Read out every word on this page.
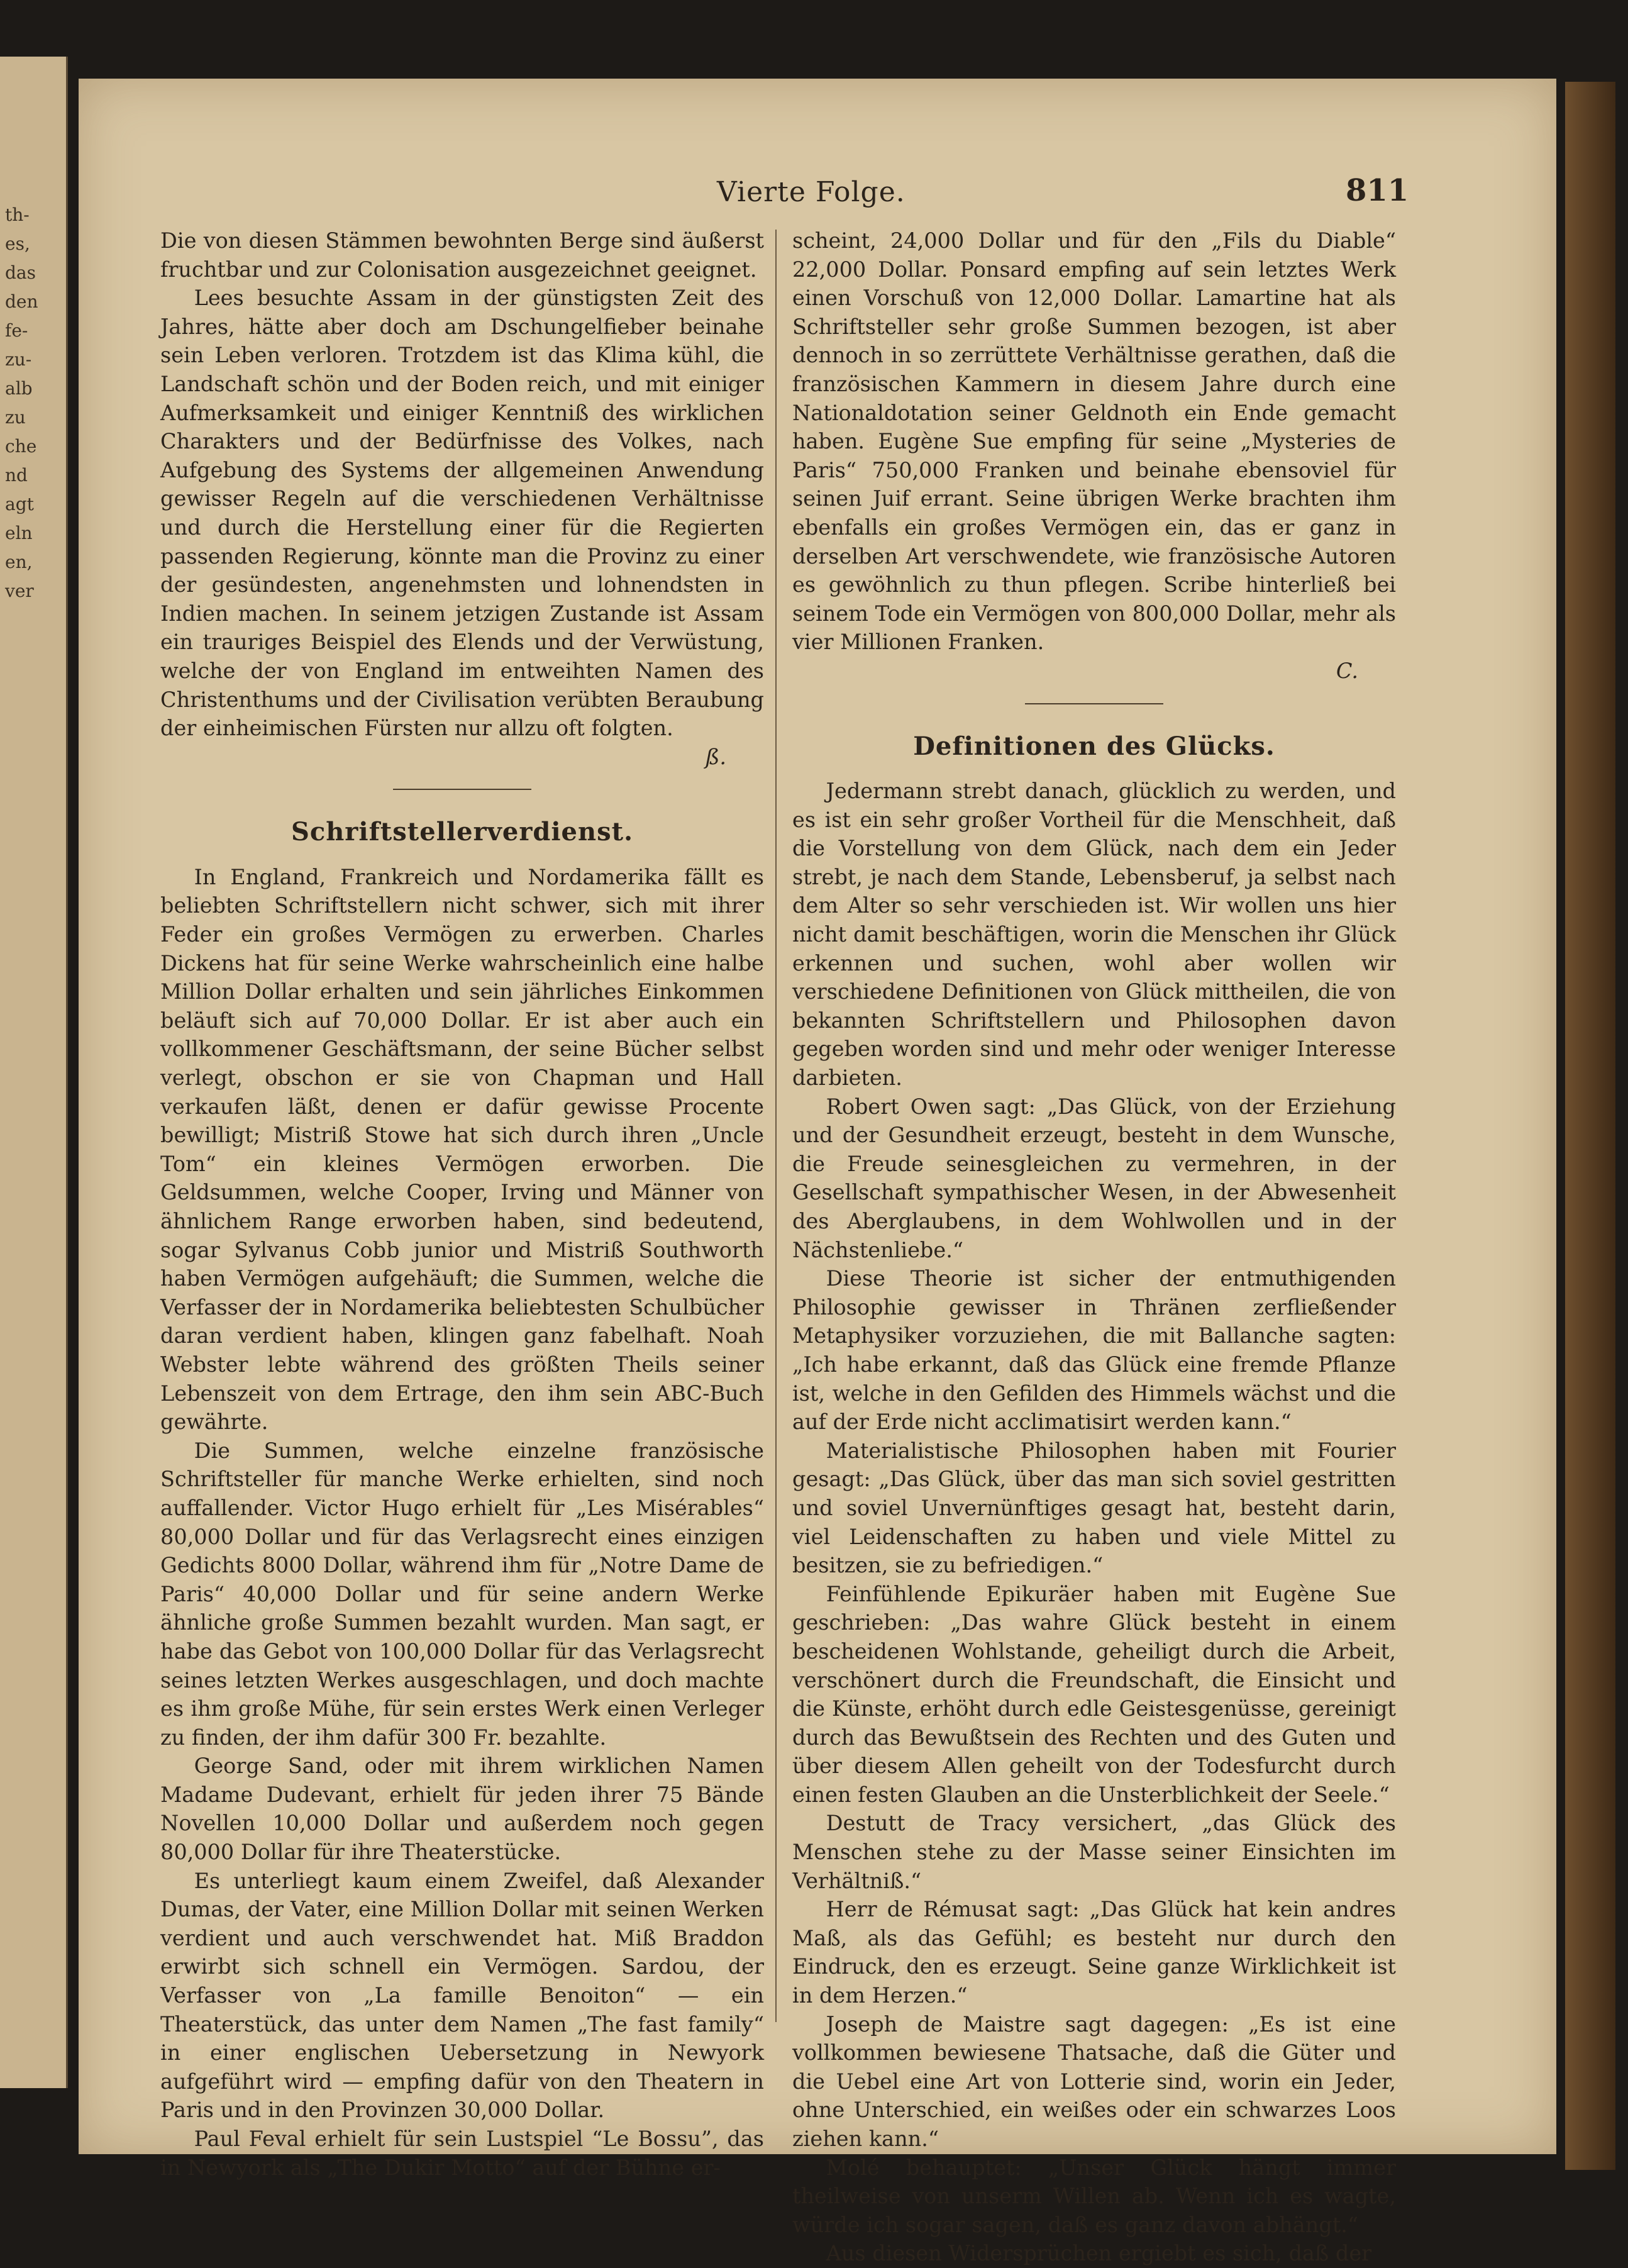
th-
es,
das
den
fe-
zu-
alb
zu
che
nd
agt
eln
en,
ver
Vierte Folge.	811

Die von diesen Stämmen bewohnten Berge sind äußerst fruchtbar und zur Colonisation ausgezeichnet geeignet.

Lees besuchte Assam in der günstigsten Zeit des Jahres, hätte aber doch am Dschungelfieber beinahe sein Leben verloren. Trotzdem ist das Klima kühl, die Landschaft schön und der Boden reich, und mit einiger Aufmerksamkeit und einiger Kenntniß des wirklichen Charakters und der Bedürfnisse des Volkes, nach Aufgebung des Systems der allgemeinen Anwendung gewisser Regeln auf die verschiedenen Verhältnisse und durch die Herstellung einer für die Regierten passenden Regierung, könnte man die Provinz zu einer der gesündesten, angenehmsten und lohnendsten in Indien machen. In seinem jetzigen Zustande ist Assam ein trauriges Beispiel des Elends und der Verwüstung, welche der von England im entweihten Namen des Christenthums und der Civilisation verübten Beraubung der einheimischen Fürsten nur allzu oft folgten.

ß.

Schriftstellerverdienst.

In England, Frankreich und Nordamerika fällt es beliebten Schriftstellern nicht schwer, sich mit ihrer Feder ein großes Vermögen zu erwerben. Charles Dickens hat für seine Werke wahrscheinlich eine halbe Million Dollar erhalten und sein jährliches Einkommen beläuft sich auf 70,000 Dollar. Er ist aber auch ein vollkommener Geschäftsmann, der seine Bücher selbst verlegt, obschon er sie von Chapman und Hall verkaufen läßt, denen er dafür gewisse Procente bewilligt; Mistriß Stowe hat sich durch ihren „Uncle Tom“ ein kleines Vermögen erworben. Die Geldsummen, welche Cooper, Irving und Männer von ähnlichem Range erworben haben, sind bedeutend, sogar Sylvanus Cobb junior und Mistriß Southworth haben Vermögen aufgehäuft; die Summen, welche die Verfasser der in Nordamerika beliebtesten Schulbücher daran verdient haben, klingen ganz fabelhaft. Noah Webster lebte während des größten Theils seiner Lebenszeit von dem Ertrage, den ihm sein ABC-Buch gewährte.

Die Summen, welche einzelne französische Schriftsteller für manche Werke erhielten, sind noch auffallender. Victor Hugo erhielt für „Les Misérables“ 80,000 Dollar und für das Verlagsrecht eines einzigen Gedichts 8000 Dollar, während ihm für „Notre Dame de Paris“ 40,000 Dollar und für seine andern Werke ähnliche große Summen bezahlt wurden. Man sagt, er habe das Gebot von 100,000 Dollar für das Verlagsrecht seines letzten Werkes ausgeschlagen, und doch machte es ihm große Mühe, für sein erstes Werk einen Verleger zu finden, der ihm dafür 300 Fr. bezahlte.

George Sand, oder mit ihrem wirklichen Namen Madame Dudevant, erhielt für jeden ihrer 75 Bände Novellen 10,000 Dollar und außerdem noch gegen 80,000 Dollar für ihre Theaterstücke.

Es unterliegt kaum einem Zweifel, daß Alexander Dumas, der Vater, eine Million Dollar mit seinen Werken verdient und auch verschwendet hat. Miß Braddon erwirbt sich schnell ein Vermögen. Sardou, der Verfasser von „La famille Benoiton“ — ein Theaterstück, das unter dem Namen „The fast family“ in einer englischen Uebersetzung in Newyork aufgeführt wird — empfing dafür von den Theatern in Paris und in den Provinzen 30,000 Dollar.

Paul Feval erhielt für sein Lustspiel “Le Bossu”, das in Newyork als „The Dukir Motto“ auf der Bühne er-

scheint, 24,000 Dollar und für den „Fils du Diable“ 22,000 Dollar. Ponsard empfing auf sein letztes Werk einen Vorschuß von 12,000 Dollar. Lamartine hat als Schriftsteller sehr große Summen bezogen, ist aber dennoch in so zerrüttete Verhältnisse gerathen, daß die französischen Kammern in diesem Jahre durch eine Nationaldotation seiner Geldnoth ein Ende gemacht haben. Eugène Sue empfing für seine „Mysteries de Paris“ 750,000 Franken und beinahe ebensoviel für seinen Juif errant. Seine übrigen Werke brachten ihm ebenfalls ein großes Vermögen ein, das er ganz in derselben Art verschwendete, wie französische Autoren es gewöhnlich zu thun pflegen. Scribe hinterließ bei seinem Tode ein Vermögen von 800,000 Dollar, mehr als vier Millionen Franken.

C.

Definitionen des Glücks.

Jedermann strebt danach, glücklich zu werden, und es ist ein sehr großer Vortheil für die Menschheit, daß die Vorstellung von dem Glück, nach dem ein Jeder strebt, je nach dem Stande, Lebensberuf, ja selbst nach dem Alter so sehr verschieden ist. Wir wollen uns hier nicht damit beschäftigen, worin die Menschen ihr Glück erkennen und suchen, wohl aber wollen wir verschiedene Definitionen von Glück mittheilen, die von bekannten Schriftstellern und Philosophen davon gegeben worden sind und mehr oder weniger Interesse darbieten.

Robert Owen sagt: „Das Glück, von der Erziehung und der Gesundheit erzeugt, besteht in dem Wunsche, die Freude seinesgleichen zu vermehren, in der Gesellschaft sympathischer Wesen, in der Abwesenheit des Aberglaubens, in dem Wohlwollen und in der Nächstenliebe.“

Diese Theorie ist sicher der entmuthigenden Philosophie gewisser in Thränen zerfließender Metaphysiker vorzuziehen, die mit Ballanche sagten: „Ich habe erkannt, daß das Glück eine fremde Pflanze ist, welche in den Gefilden des Himmels wächst und die auf der Erde nicht acclimatisirt werden kann.“

Materialistische Philosophen haben mit Fourier gesagt: „Das Glück, über das man sich soviel gestritten und soviel Unvernünftiges gesagt hat, besteht darin, viel Leidenschaften zu haben und viele Mittel zu besitzen, sie zu befriedigen.“

Feinfühlende Epikuräer haben mit Eugène Sue geschrieben: „Das wahre Glück besteht in einem bescheidenen Wohlstande, geheiligt durch die Arbeit, verschönert durch die Freundschaft, die Einsicht und die Künste, erhöht durch edle Geistesgenüsse, gereinigt durch das Bewußtsein des Rechten und des Guten und über diesem Allen geheilt von der Todesfurcht durch einen festen Glauben an die Unsterblichkeit der Seele.“

Destutt de Tracy versichert, „das Glück des Menschen stehe zu der Masse seiner Einsichten im Verhältniß.“

Herr de Rémusat sagt: „Das Glück hat kein andres Maß, als das Gefühl; es besteht nur durch den Eindruck, den es erzeugt. Seine ganze Wirklichkeit ist in dem Herzen.“

Joseph de Maistre sagt dagegen: „Es ist eine vollkommen bewiesene Thatsache, daß die Güter und die Uebel eine Art von Lotterie sind, worin ein Jeder, ohne Unterschied, ein weißes oder ein schwarzes Loos ziehen kann.“

Molé behauptet: „Unser Glück hängt immer theilweise von unserm Willen ab. Wenn ich es wagte, würde ich sogar sagen, daß es ganz davon abhängt.“

Aus diesen Widersprüchen ergiebt es sich, daß der
